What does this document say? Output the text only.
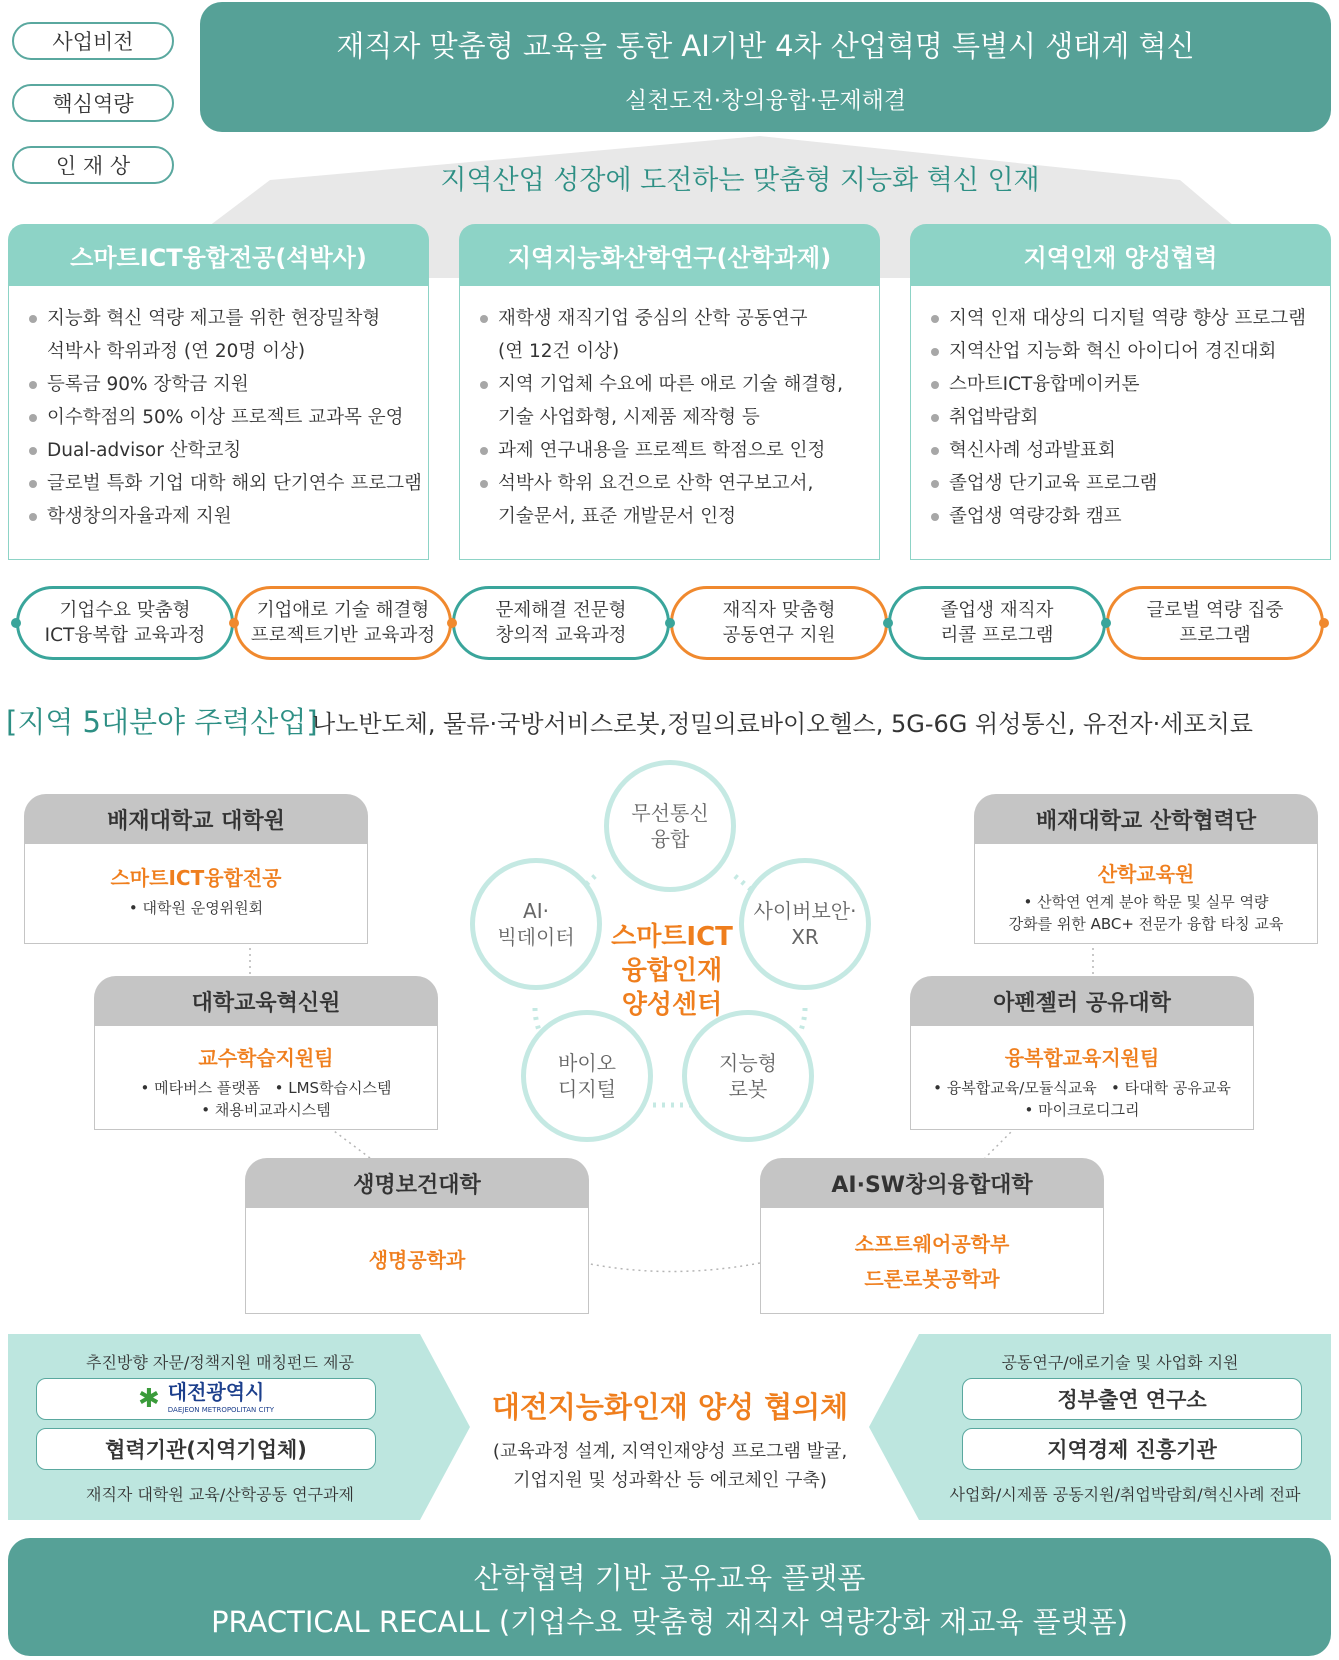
사업비전
핵심역량
인 재 상
재직자 맞춤형 교육을 통한 AI기반 4차 산업혁명 특별시 생태계 혁신
실천도전·창의융합·문제해결
지역산업 성장에 도전하는 맞춤형 지능화 혁신 인재
스마트ICT융합전공(석박사)
지능화 혁신 역량 제고를 위한 현장밀착형
석박사 학위과정 (연 20명 이상)
등록금 90% 장학금 지원
이수학점의 50% 이상 프로젝트 교과목 운영
Dual-advisor 산학코칭
글로벌 특화 기업 대학 해외 단기연수 프로그램
학생창의자율과제 지원
지역지능화산학연구(산학과제)
재학생 재직기업 중심의 산학 공동연구
(연 12건 이상)
지역 기업체 수요에 따른 애로 기술 해결형,
기술 사업화형, 시제품 제작형 등
과제 연구내용을 프로젝트 학점으로 인정
석박사 학위 요건으로 산학 연구보고서,
기술문서, 표준 개발문서 인정
지역인재 양성협력
지역 인재 대상의 디지털 역량 향상 프로그램
지역산업 지능화 혁신 아이디어 경진대회
스마트ICT융합메이커톤
취업박람회
혁신사례 성과발표회
졸업생 단기교육 프로그램
졸업생 역량강화 캠프
기업수요 맞춤형
ICT융복합 교육과정
기업애로 기술 해결형
프로젝트기반 교육과정
문제해결 전문형
창의적 교육과정
재직자 맞춤형
공동연구 지원
졸업생 재직자
리콜 프로그램
글로벌 역량 집중
프로그램
[지역 5대분야 주력산업]
나노반도체, 물류·국방서비스로봇,정밀의료바이오헬스, 5G-6G 위성통신, 유전자·세포치료
배재대학교 대학원
스마트ICT융합전공
• 대학원 운영위원회
대학교육혁신원
교수학습지원팀
• 메타버스 플랫폼   • LMS학습시스템
• 채용비교과시스템
생명보건대학
생명공학과
AI·SW창의융합대학
소프트웨어공학부
드론로봇공학과
배재대학교 산학협력단
산학교육원
• 산학연 연계 분야 학문 및 실무 역량
강화를 위한 ABC+ 전문가 융합 타칭 교육
아펜젤러 공유대학
융복합교육지원팀
• 융복합교육/모듈식교육   • 타대학 공유교육
• 마이크로디그리
무선통신
융합
사이버보안·
XR
지능형
로봇
바이오
디지털
AI·
빅데이터	스마트ICT
융합인재
양성센터
추진방향 자문/정책지원 매칭펀드 제공
✱ 대전광역시
DAEJEON METROPOLITAN CITY
협력기관(지역기업체)
재직자 대학원 교육/산학공동 연구과제
대전지능화인재 양성 협의체
(교육과정 설계, 지역인재양성 프로그램 발굴,
기업지원 및 성과확산 등 에코체인 구축)
공동연구/애로기술 및 사업화 지원
정부출연 연구소
지역경제 진흥기관
사업화/시제품 공동지원/취업박람회/혁신사례 전파
산학협력 기반 공유교육 플랫폼
PRACTICAL RECALL (기업수요 맞춤형 재직자 역량강화 재교육 플랫폼)
